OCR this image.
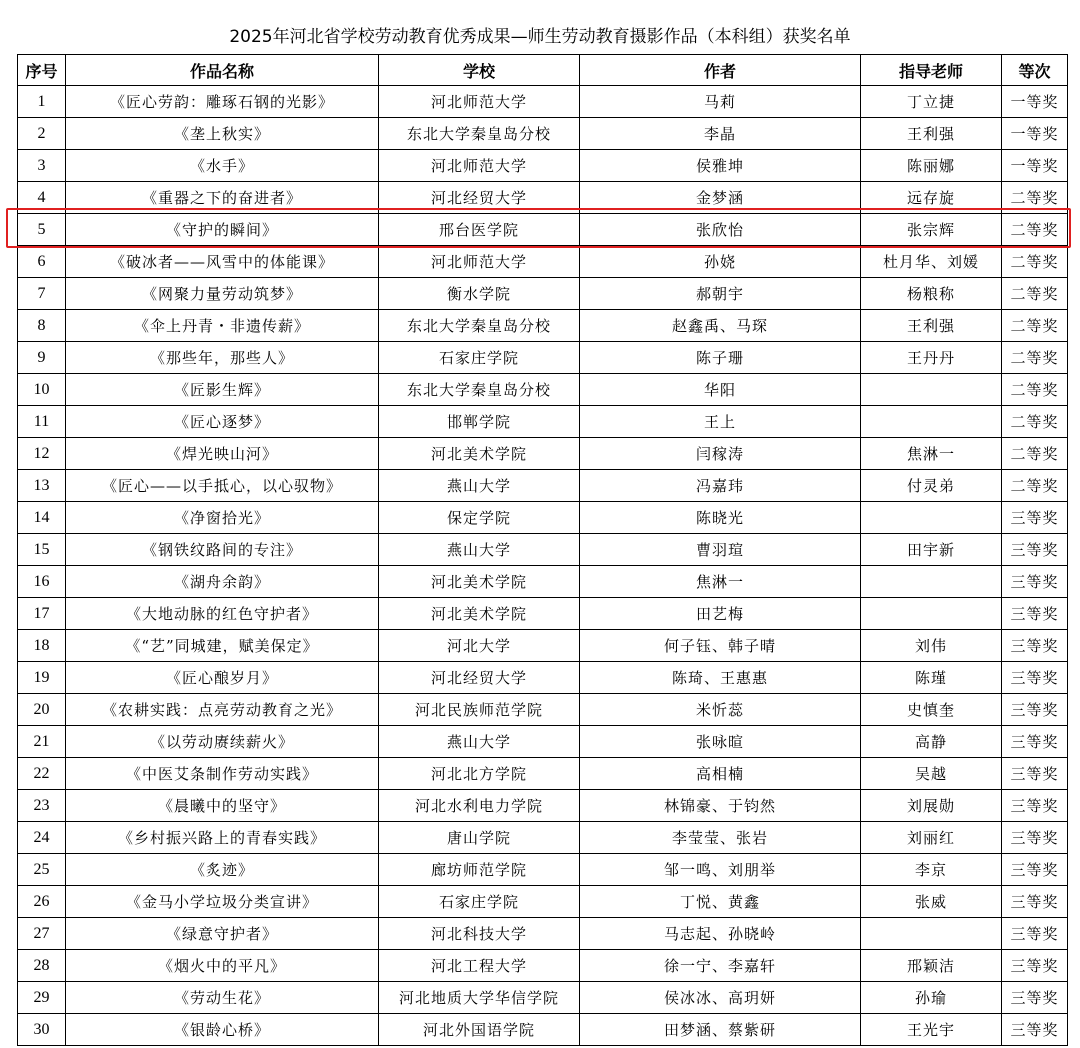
2025年河北省学校劳动教育优秀成果—师生劳动教育摄影作品（本科组）获奖名单
序号	作品名称	学校	作者	指导老师	等次
1	《匠心劳韵：雕琢石钢的光影》	河北师范大学	马莉	丁立捷	一等奖
2	《垄上秋实》	东北大学秦皇岛分校	李晶	王利强	一等奖
3	《水手》	河北师范大学	侯雅坤	陈丽娜	一等奖
4	《重器之下的奋进者》	河北经贸大学	金梦涵	远存旋	二等奖
5	《守护的瞬间》	邢台医学院	张欣怡	张宗辉	二等奖
6	《破冰者——风雪中的体能课》	河北师范大学	孙娆	杜月华、刘媛	二等奖
7	《网聚力量劳动筑梦》	衡水学院	郝朝宇	杨粮称	二等奖
8	《伞上丹青・非遗传薪》	东北大学秦皇岛分校	赵鑫禹、马琛	王利强	二等奖
9	《那些年，那些人》	石家庄学院	陈子珊	王丹丹	二等奖
10	《匠影生辉》	东北大学秦皇岛分校	华阳		二等奖
11	《匠心逐梦》	邯郸学院	王上		二等奖
12	《焊光映山河》	河北美术学院	闫稼涛	焦淋一	二等奖
13	《匠心——以手抵心，以心驭物》	燕山大学	冯嘉玮	付灵弟	二等奖
14	《净窗拾光》	保定学院	陈晓光		三等奖
15	《钢铁纹路间的专注》	燕山大学	曹羽瑄	田宇新	三等奖
16	《湖舟余韵》	河北美术学院	焦淋一		三等奖
17	《大地动脉的红色守护者》	河北美术学院	田艺梅		三等奖
18	《“艺”同城建，赋美保定》	河北大学	何子钰、韩子晴	刘伟	三等奖
19	《匠心酿岁月》	河北经贸大学	陈琦、王惠惠	陈瑾	三等奖
20	《农耕实践：点亮劳动教育之光》	河北民族师范学院	米忻蕊	史慎奎	三等奖
21	《以劳动赓续薪火》	燕山大学	张咏暄	高静	三等奖
22	《中医艾条制作劳动实践》	河北北方学院	高相楠	吴越	三等奖
23	《晨曦中的坚守》	河北水利电力学院	林锦豪、于钧然	刘展勋	三等奖
24	《乡村振兴路上的青春实践》	唐山学院	李莹莹、张岩	刘丽红	三等奖
25	《炙迹》	廊坊师范学院	邹一鸣、刘朋举	李京	三等奖
26	《金马小学垃圾分类宣讲》	石家庄学院	丁悦、黄鑫	张威	三等奖
27	《绿意守护者》	河北科技大学	马志起、孙晓岭		三等奖
28	《烟火中的平凡》	河北工程大学	徐一宁、李嘉轩	邢颖洁	三等奖
29	《劳动生花》	河北地质大学华信学院	侯冰冰、高玥妍	孙瑜	三等奖
30	《银龄心桥》	河北外国语学院	田梦涵、蔡紫研	王光宇	三等奖
